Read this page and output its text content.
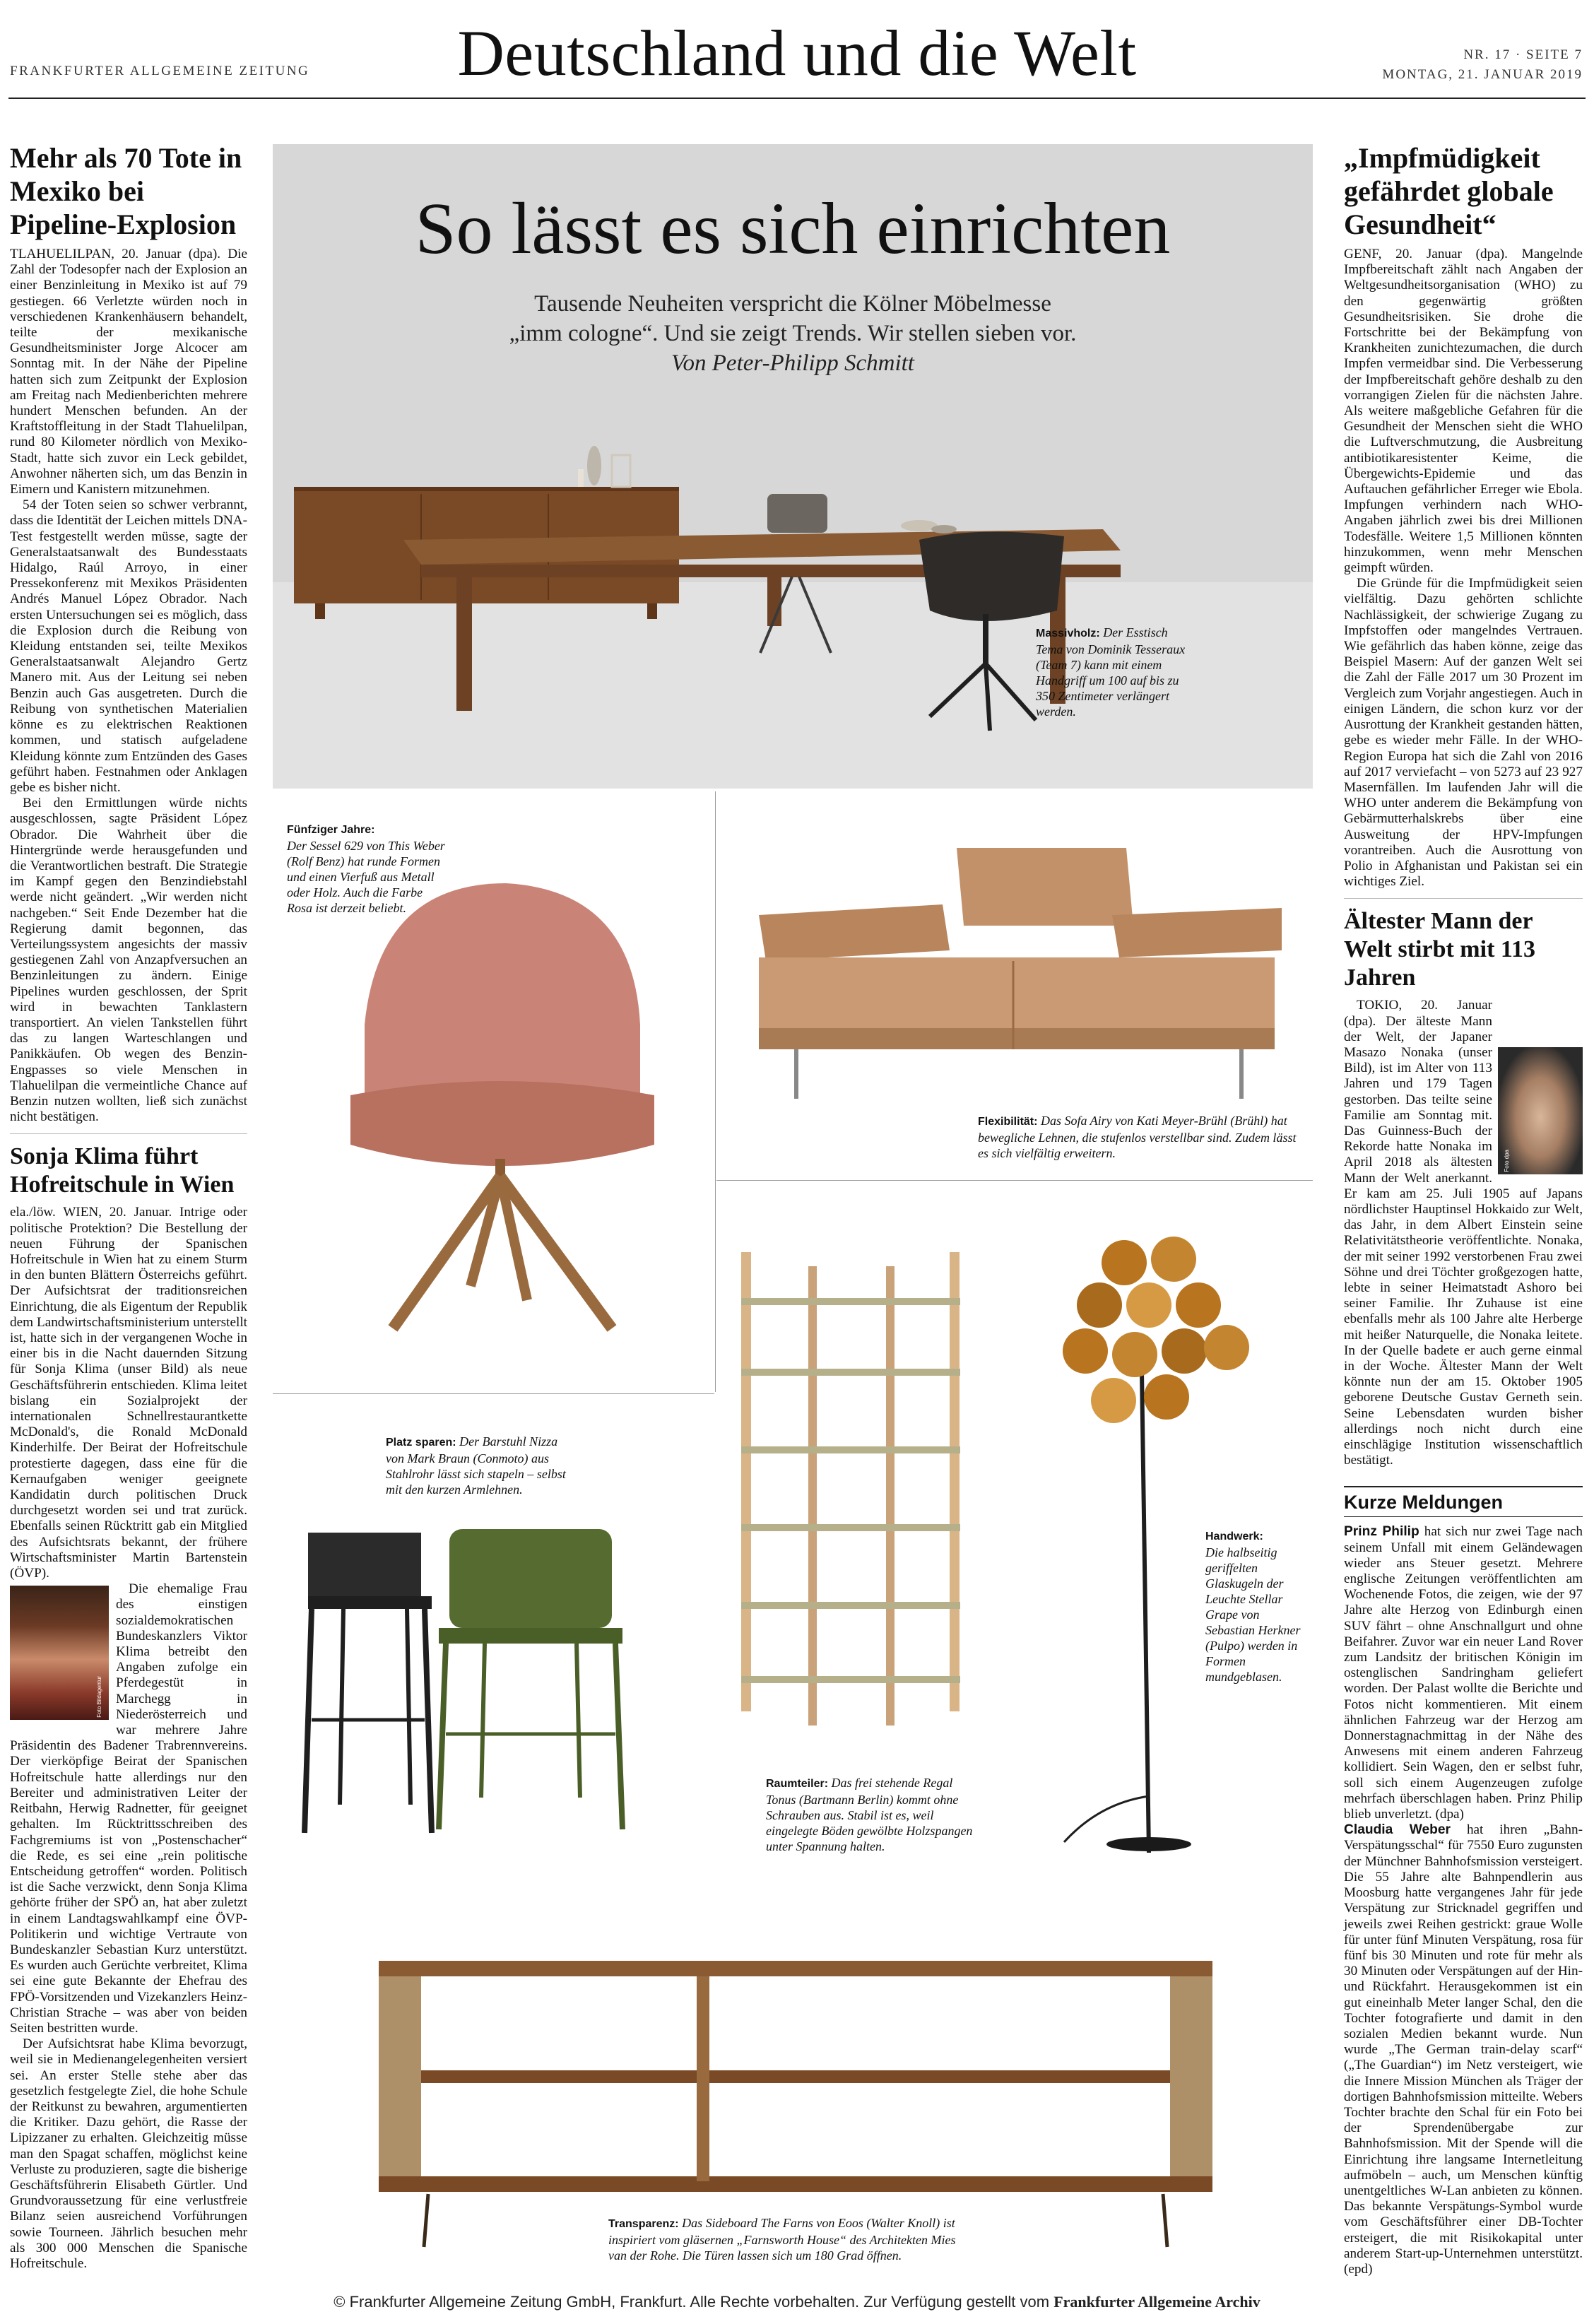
FRANKFURTER ALLGEMEINE ZEITUNG	Deutschland und die Welt	NR. 17 · SEITE 7
MONTAG, 21. JANUAR 2019
Mehr als 70 Tote in Mexiko bei Pipeline-Explosion

TLAHUELILPAN, 20. Januar (dpa). Die Zahl der Todesopfer nach der Explosion an einer Benzinleitung in Mexiko ist auf 79 gestiegen. 66 Verletzte würden noch in verschiedenen Krankenhäusern behandelt, teilte der mexikanische Gesundheitsminister Jorge Alcocer am Sonntag mit. In der Nähe der Pipeline hatten sich zum Zeitpunkt der Explosion am Freitag nach Medienberichten mehrere hundert Menschen befunden. An der Kraftstoffleitung in der Stadt Tlahuelilpan, rund 80 Kilometer nördlich von Mexiko-Stadt, hatte sich zuvor ein Leck gebildet, Anwohner näherten sich, um das Benzin in Eimern und Kanistern mitzunehmen.

54 der Toten seien so schwer verbrannt, dass die Identität der Leichen mittels DNA-Test festgestellt werden müsse, sagte der Generalstaatsanwalt des Bundesstaats Hidalgo, Raúl Arroyo, in einer Pressekonferenz mit Mexikos Präsidenten Andrés Manuel López Obrador. Nach ersten Untersuchungen sei es möglich, dass die Explosion durch die Reibung von Kleidung entstanden sei, teilte Mexikos Generalstaatsanwalt Alejandro Gertz Manero mit. Aus der Leitung sei neben Benzin auch Gas ausgetreten. Durch die Reibung von synthetischen Materialien könne es zu elektrischen Reaktionen kommen, und statisch aufgeladene Kleidung könnte zum Entzünden des Gases geführt haben. Festnahmen oder Anklagen gebe es bisher nicht.

Bei den Ermittlungen würde nichts ausgeschlossen, sagte Präsident López Obrador. Die Wahrheit über die Hintergründe werde herausgefunden und die Verantwortlichen bestraft. Die Strategie im Kampf gegen den Benzindiebstahl werde nicht geändert. „Wir werden nicht nachgeben.“ Seit Ende Dezember hat die Regierung damit begonnen, das Verteilungssystem angesichts der massiv gestiegenen Zahl von Anzapfversuchen an Benzinleitungen zu ändern. Einige Pipelines wurden geschlossen, der Sprit wird in bewachten Tanklastern transportiert. An vielen Tankstellen führt das zu langen Warteschlangen und Panikkäufen. Ob wegen des Benzin-Engpasses so viele Menschen in Tlahuelilpan die vermeintliche Chance auf Benzin nutzen wollten, ließ sich zunächst nicht bestätigen.

Sonja Klima führt Hofreitschule in Wien

ela./löw. WIEN, 20. Januar. Intrige oder politische Protektion? Die Bestellung der neuen Führung der Spanischen Hofreitschule in Wien hat zu einem Sturm in den bunten Blättern Österreichs geführt. Der Aufsichtsrat der traditionsreichen Einrichtung, die als Eigentum der Republik dem Landwirtschaftsministerium unterstellt ist, hatte sich in der vergangenen Woche in einer bis in die Nacht dauernden Sitzung für Sonja Klima (unser Bild) als neue Geschäftsführerin entschieden. Klima leitet bislang ein Sozialprojekt der internationalen Schnellrestaurantkette McDonald's, die Ronald McDonald Kinderhilfe. Der Beirat der Hofreitschule protestierte dagegen, dass eine für die Kernaufgaben weniger geeignete Kandidatin durch politischen Druck durchgesetzt worden sei und trat zurück. Ebenfalls seinen Rücktritt gab ein Mitglied des Aufsichtsrats bekannt, der frühere Wirtschaftsminister Martin Bartenstein (ÖVP).

Foto Bildagentur

Die ehemalige Frau des einstigen sozialdemokratischen Bundeskanzlers Viktor Klima betreibt den Angaben zufolge ein Pferdegestüt in Marchegg in Niederösterreich und war mehrere Jahre Präsidentin des Badener Trabrennvereins. Der vierköpfige Beirat der Spanischen Hofreitschule hatte allerdings nur den Bereiter und administrativen Leiter der Reitbahn, Herwig Radnetter, für geeignet gehalten. Im Rücktrittsschreiben des Fachgremiums ist von „Postenschacher“ die Rede, es sei eine „rein politische Entscheidung getroffen“ worden. Politisch ist die Sache verzwickt, denn Sonja Klima gehörte früher der SPÖ an, hat aber zuletzt in einem Landtagswahlkampf eine ÖVP-Politikerin und wichtige Vertraute von Bundeskanzler Sebastian Kurz unterstützt. Es wurden auch Gerüchte verbreitet, Klima sei eine gute Bekannte der Ehefrau des FPÖ-Vorsitzenden und Vizekanzlers Heinz-Christian Strache – was aber von beiden Seiten bestritten wurde.

Der Aufsichtsrat habe Klima bevorzugt, weil sie in Medienangelegenheiten versiert sei. An erster Stelle stehe aber das gesetzlich festgelegte Ziel, die hohe Schule der Reitkunst zu bewahren, argumentierten die Kritiker. Dazu gehört, die Rasse der Lipizzaner zu erhalten. Gleichzeitig müsse man den Spagat schaffen, möglichst keine Verluste zu produzieren, sagte die bisherige Geschäftsführerin Elisabeth Gürtler. Und Grundvoraussetzung für eine verlustfreie Bilanz seien ausreichend Vorführungen sowie Tourneen. Jährlich besuchen mehr als 300 000 Menschen die Spanische Hofreitschule.

So lässt es sich einrichten
Tausende Neuheiten verspricht die Kölner Möbelmesse
„imm cologne“. Und sie zeigt Trends. Wir stellen sieben vor.
Von Peter-Philipp Schmitt
Massivholz: Der Esstisch Tema von Dominik Tesseraux (Team 7) kann mit einem Handgriff um 100 auf bis zu 350 Zentimeter verlängert werden.
Fünfziger Jahre:
Der Sessel 629 von This Weber (Rolf Benz) hat runde Formen und einen Vierfuß aus Metall oder Holz. Auch die Farbe Rosa ist derzeit beliebt.
Flexibilität: Das Sofa Airy von Kati Meyer-Brühl (Brühl) hat bewegliche Lehnen, die stufenlos verstellbar sind. Zudem lässt es sich vielfältig erweitern.
Platz sparen: Der Barstuhl Nizza von Mark Braun (Conmoto) aus Stahlrohr lässt sich stapeln – selbst mit den kurzen Armlehnen.
Raumteiler: Das frei stehende Regal Tonus (Bartmann Berlin) kommt ohne Schrauben aus. Stabil ist es, weil eingelegte Böden gewölbte Holzspangen unter Spannung halten.
Handwerk:
Die halbseitig geriffelten Glaskugeln der Leuchte Stellar Grape von Sebastian Herkner (Pulpo) werden in Formen mundgeblasen.
Transparenz: Das Sideboard The Farns von Eoos (Walter Knoll) ist inspiriert vom gläsernen „Farnsworth House“ des Architekten Mies van der Rohe. Die Türen lassen sich um 180 Grad öffnen.
„Impfmüdigkeit gefährdet globale Gesundheit“

GENF, 20. Januar (dpa). Mangelnde Impfbereitschaft zählt nach Angaben der Weltgesundheitsorganisation (WHO) zu den gegenwärtig größten Gesundheitsrisiken. Sie drohe die Fortschritte bei der Bekämpfung von Krankheiten zunichtezumachen, die durch Impfen vermeidbar sind. Die Verbesserung der Impfbereitschaft gehöre deshalb zu den vorrangigen Zielen für die nächsten Jahre. Als weitere maßgebliche Gefahren für die Gesundheit der Menschen sieht die WHO die Luftverschmutzung, die Ausbreitung antibiotikaresistenter Keime, die Übergewichts-Epidemie und das Auftauchen gefährlicher Erreger wie Ebola. Impfungen verhindern nach WHO-Angaben jährlich zwei bis drei Millionen Todesfälle. Weitere 1,5 Millionen könnten hinzukommen, wenn mehr Menschen geimpft würden.

Die Gründe für die Impfmüdigkeit seien vielfältig. Dazu gehörten schlichte Nachlässigkeit, der schwierige Zugang zu Impfstoffen oder mangelndes Vertrauen. Wie gefährlich das haben könne, zeige das Beispiel Masern: Auf der ganzen Welt sei die Zahl der Fälle 2017 um 30 Prozent im Vergleich zum Vorjahr angestiegen. Auch in einigen Ländern, die schon kurz vor der Ausrottung der Krankheit gestanden hätten, gebe es wieder mehr Fälle. In der WHO-Region Europa hat sich die Zahl von 2016 auf 2017 verviefacht – von 5273 auf 23 927 Masernfällen. Im laufenden Jahr will die WHO unter anderem die Bekämpfung von Gebärmutterhalskrebs über eine Ausweitung der HPV-Impfungen vorantreiben. Auch die Ausrottung von Polio in Afghanistan und Pakistan sei ein wichtiges Ziel.

Ältester Mann der Welt stirbt mit 113 Jahren
Foto dpa

TOKIO, 20. Januar (dpa). Der älteste Mann der Welt, der Japaner Masazo Nonaka (unser Bild), ist im Alter von 113 Jahren und 179 Tagen gestorben. Das teilte seine Familie am Sonntag mit. Das Guinness-Buch der Rekorde hatte Nonaka im April 2018 als ältesten Mann der Welt anerkannt. Er kam am 25. Juli 1905 auf Japans nördlichster Hauptinsel Hokkaido zur Welt, das Jahr, in dem Albert Einstein seine Relativitätstheorie veröffentlichte. Nonaka, der mit seiner 1992 verstorbenen Frau zwei Söhne und drei Töchter großgezogen hatte, lebte in seiner Heimatstadt Ashoro bei seiner Familie. Ihr Zuhause ist eine ebenfalls mehr als 100 Jahre alte Herberge mit heißer Naturquelle, die Nonaka leitete. In der Quelle badete er auch gerne einmal in der Woche. Ältester Mann der Welt könnte nun der am 15. Oktober 1905 geborene Deutsche Gustav Gerneth sein. Seine Lebensdaten wurden bisher allerdings noch nicht durch eine einschlägige Institution wissenschaftlich bestätigt.

Kurze Meldungen

Prinz Philip hat sich nur zwei Tage nach seinem Unfall mit einem Geländewagen wieder ans Steuer gesetzt. Mehrere englische Zeitungen veröffentlichten am Wochenende Fotos, die zeigen, wie der 97 Jahre alte Herzog von Edinburgh einen SUV fährt – ohne Anschnallgurt und ohne Beifahrer. Zuvor war ein neuer Land Rover zum Landsitz der britischen Königin im ostenglischen Sandringham geliefert worden. Der Palast wollte die Berichte und Fotos nicht kommentieren. Mit einem ähnlichen Fahrzeug war der Herzog am Donnerstagnachmittag in der Nähe des Anwesens mit einem anderen Fahrzeug kollidiert. Sein Wagen, den er selbst fuhr, soll sich einem Augenzeugen zufolge mehrfach überschlagen haben. Prinz Philip blieb unverletzt. (dpa)

Claudia Weber hat ihren „Bahn-Verspätungsschal“ für 7550 Euro zugunsten der Münchner Bahnhofsmission versteigert. Die 55 Jahre alte Bahnpendlerin aus Moosburg hatte vergangenes Jahr für jede Verspätung zur Stricknadel gegriffen und jeweils zwei Reihen gestrickt: graue Wolle für unter fünf Minuten Verspätung, rosa für fünf bis 30 Minuten und rote für mehr als 30 Minuten oder Verspätungen auf der Hin- und Rückfahrt. Herausgekommen ist ein gut eineinhalb Meter langer Schal, den die Tochter fotografierte und damit in den sozialen Medien bekannt wurde. Nun wurde „The German train-delay scarf“ („The Guardian“) im Netz versteigert, wie die Innere Mission München als Träger der dortigen Bahnhofsmission mitteilte. Webers Tochter brachte den Schal für ein Foto bei der Sprendenübergabe zur Bahnhofsmission. Mit der Spende will die Einrichtung ihre langsame Internetleitung aufmöbeln – auch, um Menschen künftig unentgeltliches W-Lan anbieten zu können. Das bekannte Verspätungs-Symbol wurde vom Geschäftsführer einer DB-Tochter ersteigert, die mit Risikokapital unter anderem Start-up-Unternehmen unterstützt. (epd)

© Frankfurter Allgemeine Zeitung GmbH, Frankfurt. Alle Rechte vorbehalten. Zur Verfügung gestellt vom Frankfurter Allgemeine Archiv
